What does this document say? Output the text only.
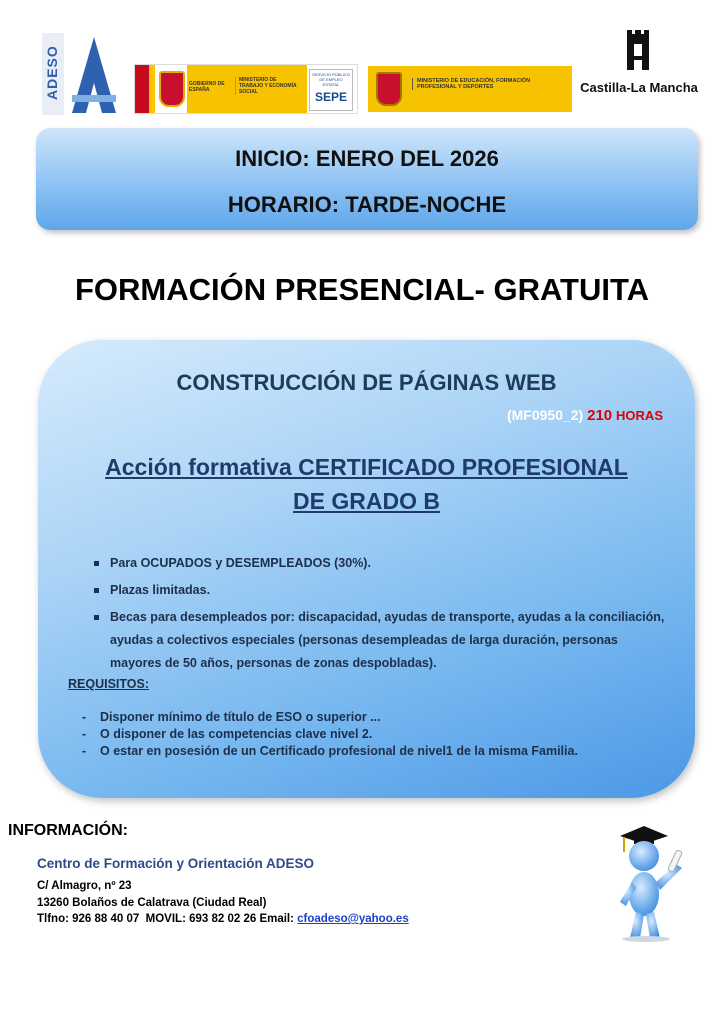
ADESO	GOBIERNO DE ESPAÑA
MINISTERIO DE TRABAJO Y ECONOMÍA SOCIAL
SERVICIO PÚBLICO DE EMPLEO ESTATAL
SEPE
MINISTERIO DE EDUCACIÓN, FORMACIÓN PROFESIONAL Y DEPORTES	Castilla-La Mancha
INICIO: ENERO DEL 2026
HORARIO: TARDE-NOCHE
FORMACIÓN PRESENCIAL- GRATUITA
CONSTRUCCIÓN DE PÁGINAS WEB
(MF0950_2) 210 HORAS
Acción formativa CERTIFICADO PROFESIONAL
DE GRADO B
Para OCUPADOS y DESEMPLEADOS (30%).
Plazas limitadas.
Becas para desempleados por: discapacidad, ayudas de transporte, ayudas a la conciliación, ayudas a colectivos especiales (personas desempleadas de larga duración, personas mayores de 50 años, personas de zonas despobladas).
REQUISITOS:
- Disponer mínimo de título de ESO o superior ...
- O disponer de las competencias clave nivel 2.
- O estar en posesión de un Certificado profesional de nivel1 de la misma Familia.
INFORMACIÓN:
Centro de Formación y Orientación ADESO
C/ Almagro, nº 23
13260 Bolaños de Calatrava (Ciudad Real)
Tlfno: 926 88 40 07  MOVIL: 693 82 02 26 Email: cfoadeso@yahoo.es
